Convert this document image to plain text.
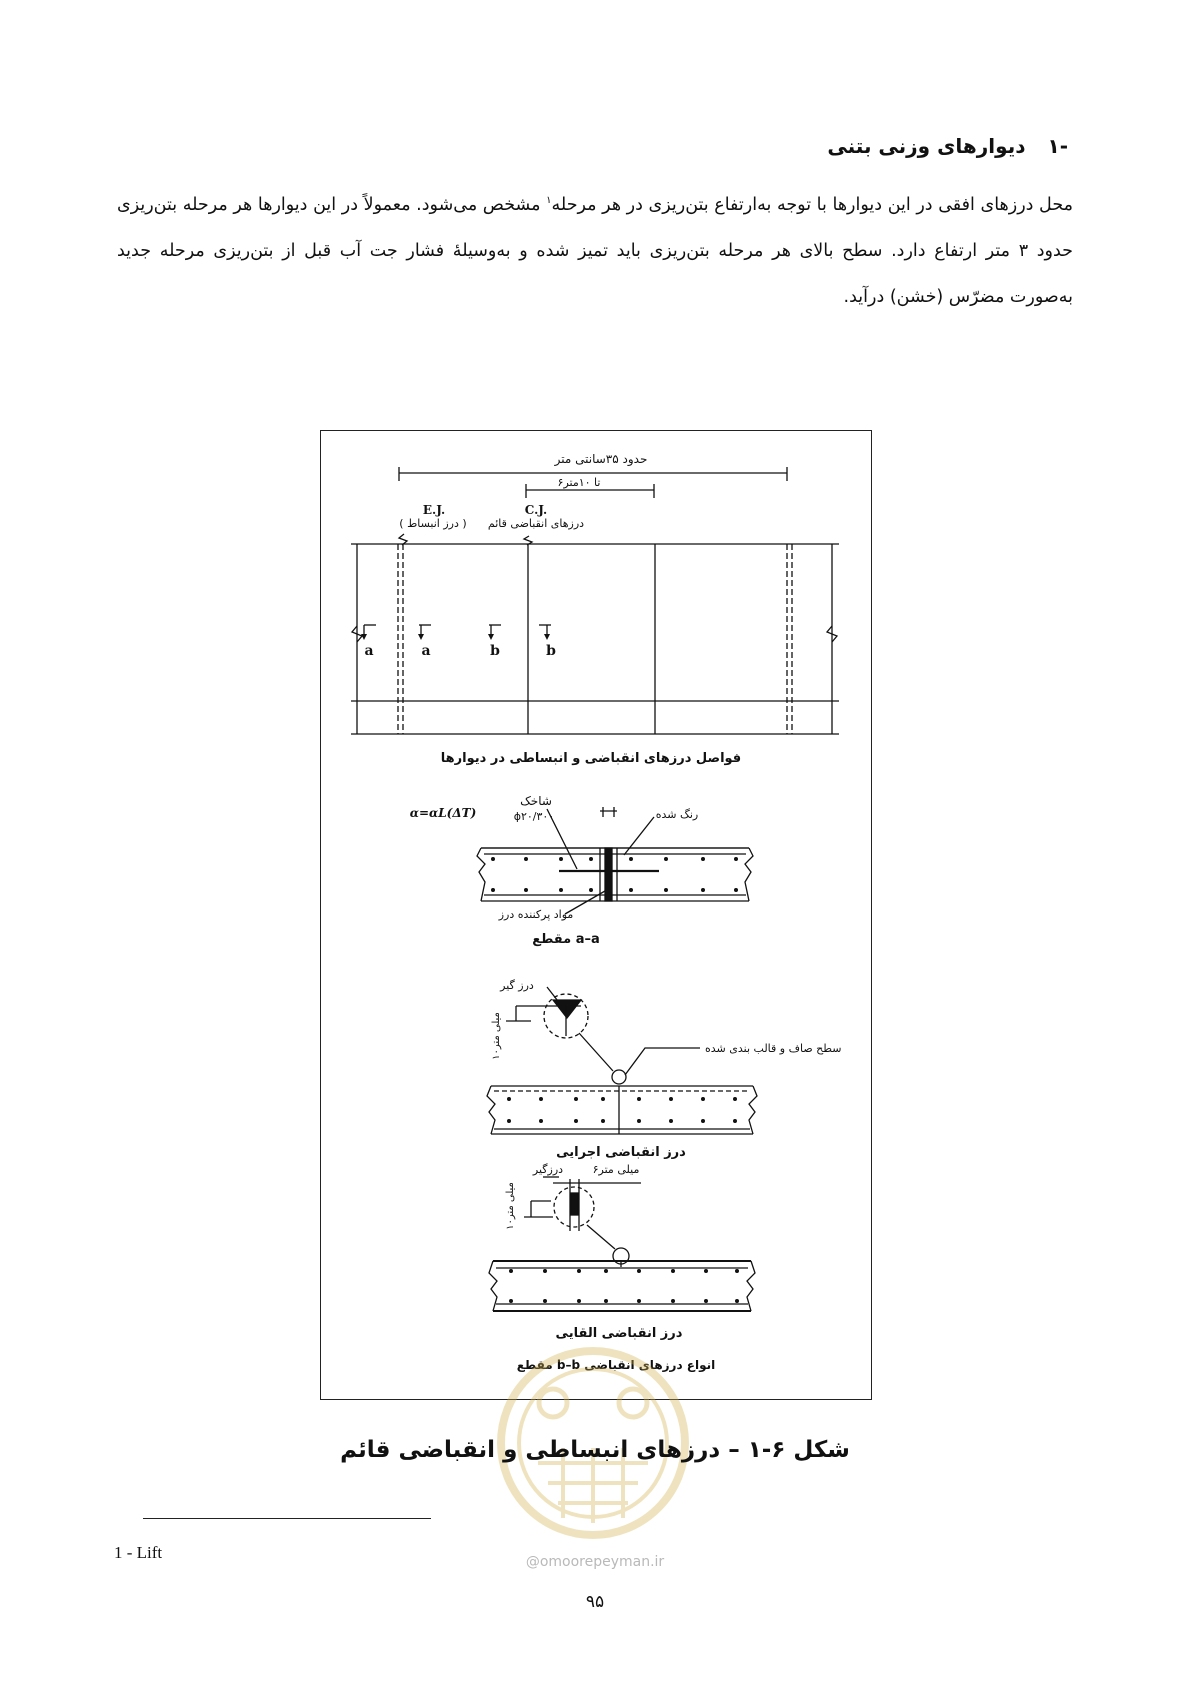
-۱دیوارهای وزنی بتنی
محل درزهای افقی در این دیوارها با توجه به‌ارتفاع بتن‌ریزی در هر مرحله$^۱$ مشخص می‌شود. معمولاً در این دیوارها هر مرحله بتن‌ریزی حدود ۳ متر ارتفاع دارد. سطح بالای هر مرحله بتن‌ریزی باید تمیز شده و به‌وسیلهٔ فشار جت آب قبل از بتن‌ریزی مرحله جدید به‌صورت مضرّس (خشن) درآید.
حدود ۳۵سانتی متر
۶تا ۱۰متر
E.J.
( درز انبساط )
C.J.
درزهای انقباضی قائم
a	a	b	b
فواصل درزهای انقباضی و انبساطی در دیوارها
α=αL(ΔT)
شاخک
ϕ۲۰/۳۰۰	رنگ شده
مواد پرکننده درز
مقطع a–a
درز گیر
۱۰میلی متر	سطح صاف و قالب بندی شده
درز انقباضی اجرایی
درزگیر	۶میلی متر
۱۰میلی متر
درز انقباضی القایی
مقطع b–b انواع درزهای انقباضی
شکل ۶-۱ – درزهای انبساطی و انقباضی قائم
@omoorepeyman.ir
1 - Lift
۹۵
